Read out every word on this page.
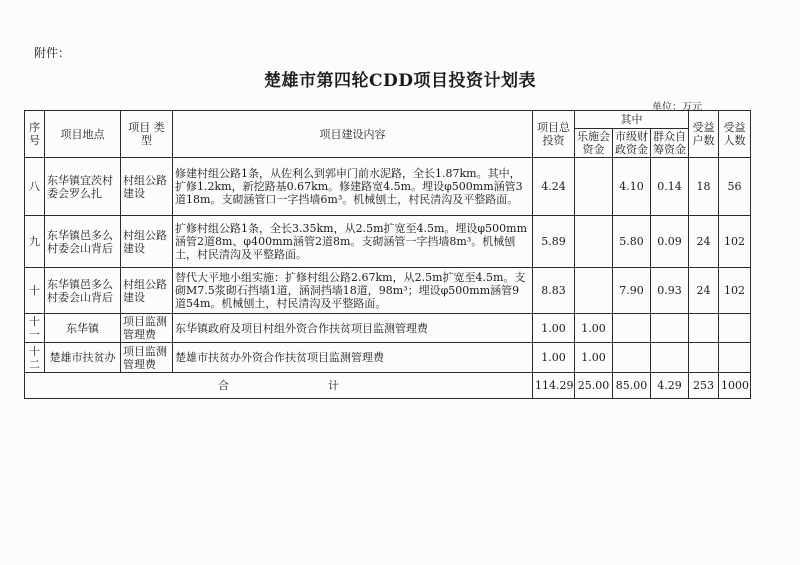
附件：
楚雄市第四轮CDD项目投资计划表
单位：万元
序号	项目地点	项目 类型	项目建设内容	项目总投资	其中			受益户数	受益人数
					乐施会资金	市级财政资金	群众自筹资金		
八	东华镇宜茨村委会罗么扎	村组公路建设	修建村组公路1条，从佐利么到郭申门前水泥路，全长1.87km。其中，扩修1.2km，新挖路基0.67km。修建路宽4.5m。埋设φ500mm涵管3道18m。支砌涵管口一字挡墙6m³。机械刨土，村民清沟及平整路面。	4.24		4.10	0.14	18	56
九	东华镇邑多么村委会山背后	村组公路建设	扩修村组公路1条，全长3.35km，从2.5m扩宽至4.5m。埋设φ500mm涵管2道8m、φ400mm涵管2道8m。支砌涵管一字挡墙8m³。机械刨土，村民清沟及平整路面。	5.89		5.80	0.09	24	102
十	东华镇邑多么村委会山背后	村组公路建设	替代大平地小组实施：扩修村组公路2.67km，从2.5m扩宽至4.5m。支砌M7.5浆砌石挡墙1道，涵洞挡墙18道，98m³；埋设φ500mm涵管9道54m。机械刨土，村民清沟及平整路面。	8.83		7.90	0.93	24	102
十一	东华镇	项目监测管理费	东华镇政府及项目村组外资合作扶贫项目监测管理费	1.00	1.00				
十二	楚雄市扶贫办	项目监测管理费	楚雄市扶贫办外资合作扶贫项目监测管理费	1.00	1.00				
合　　　　　　　　　计				114.29	25.00	85.00	4.29	253	1000
